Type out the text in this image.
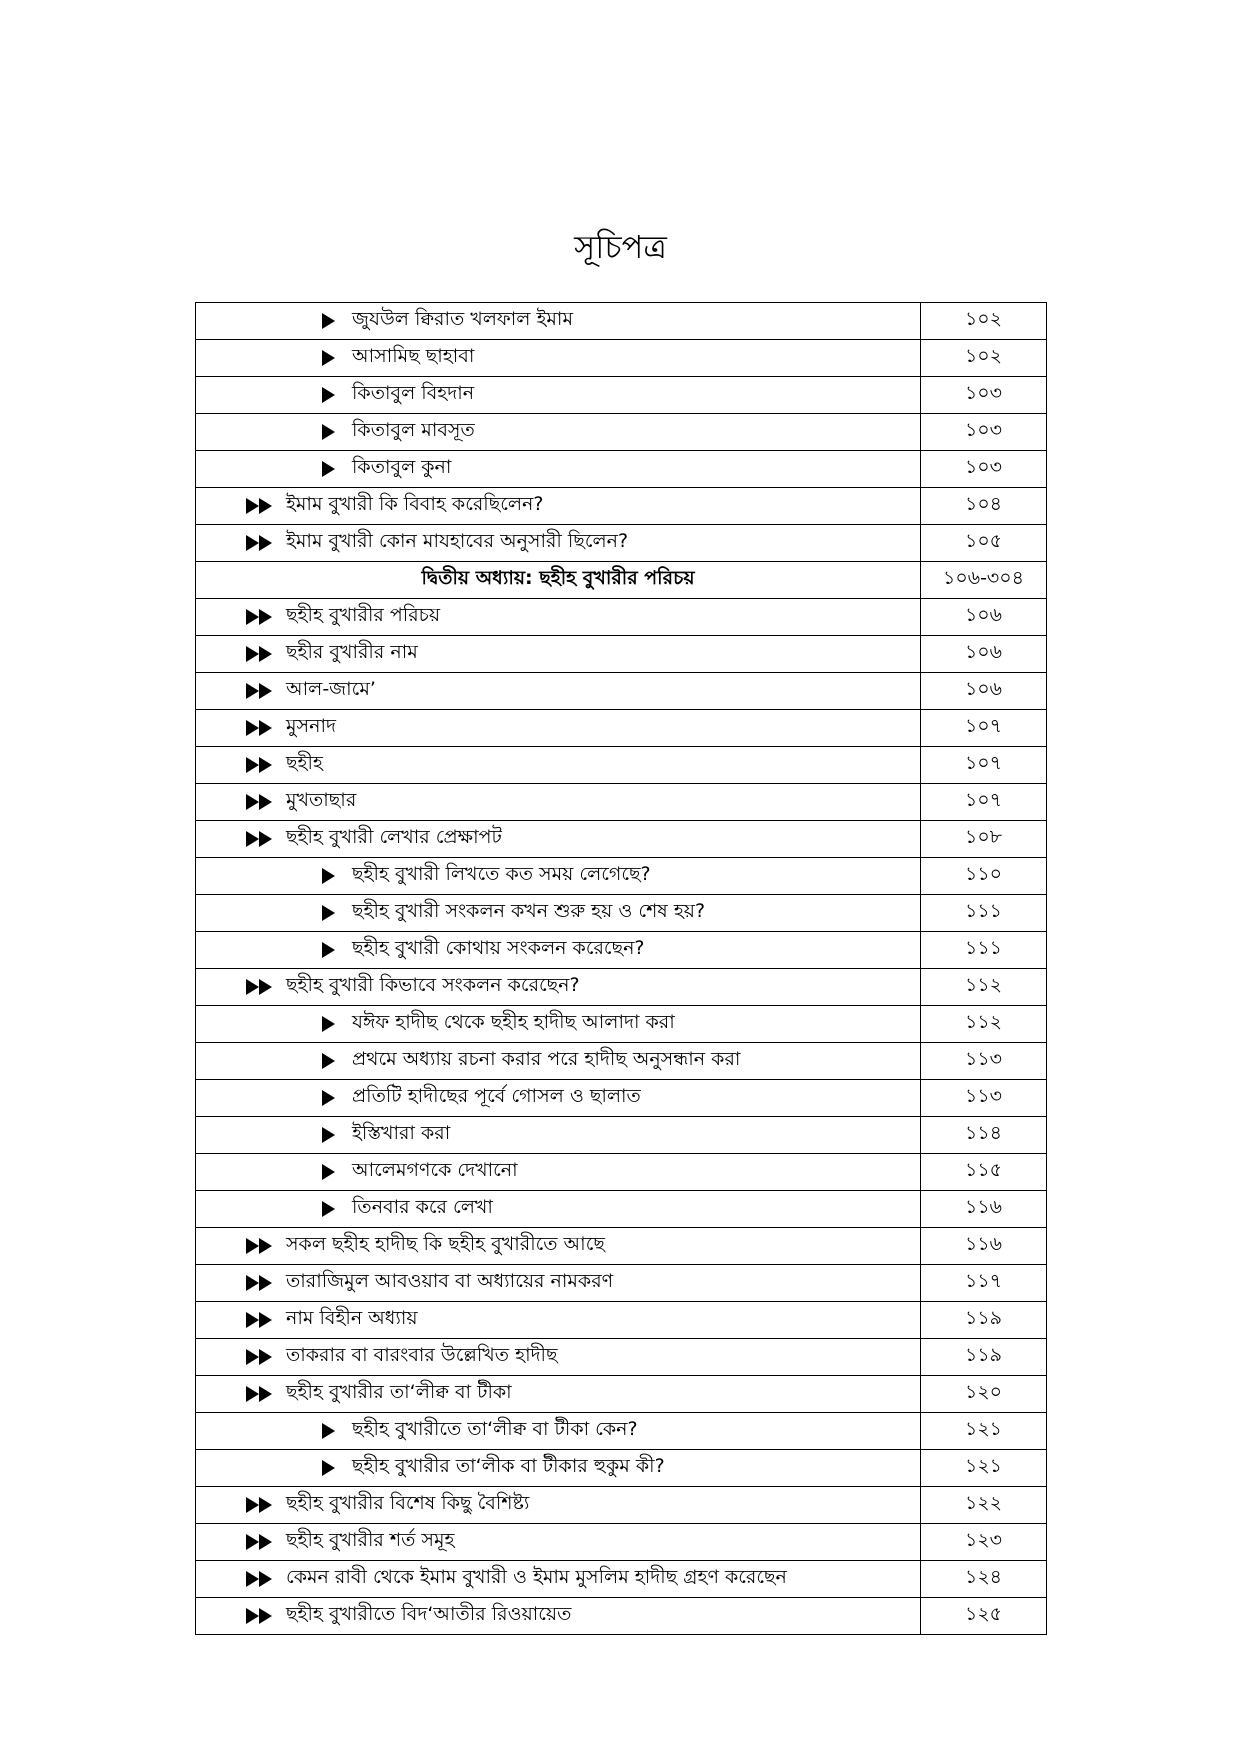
সূচিপত্র
জুযউল ক্বিরাত খলফাল ইমাম	১০২

আসামিছ ছাহাবা	১০২

কিতাবুল বিহদান	১০৩

কিতাবুল মাবসূত	১০৩

কিতাবুল কুনা	১০৩

ইমাম বুখারী কি বিবাহ করেছিলেন?	১০৪

ইমাম বুখারী কোন মাযহাবের অনুসারী ছিলেন?	১০৫

দ্বিতীয় অধ্যায়: ছহীহ বুখারীর পরিচয়	১০৬-৩০৪

ছহীহ বুখারীর পরিচয়	১০৬

ছহীর বুখারীর নাম	১০৬

আল-জামে’	১০৬

মুসনাদ	১০৭

ছহীহ	১০৭

মুখতাছার	১০৭

ছহীহ বুখারী লেখার প্রেক্ষাপট	১০৮

ছহীহ বুখারী লিখতে কত সময় লেগেছে?	১১০

ছহীহ বুখারী সংকলন কখন শুরু হয় ও শেষ হয়?	১১১

ছহীহ বুখারী কোথায় সংকলন করেছেন?	১১১

ছহীহ বুখারী কিভাবে সংকলন করেছেন?	১১২

যঈফ হাদীছ থেকে ছহীহ হাদীছ আলাদা করা	১১২

প্রথমে অধ্যায় রচনা করার পরে হাদীছ অনুসন্ধান করা	১১৩

প্রতিটি হাদীছের পূর্বে গোসল ও ছালাত	১১৩

ইস্তিখারা করা	১১৪

আলেমগণকে দেখানো	১১৫

তিনবার করে লেখা	১১৬

সকল ছহীহ হাদীছ কি ছহীহ বুখারীতে আছে	১১৬

তারাজিমুল আবওয়াব বা অধ্যায়ের নামকরণ	১১৭

নাম বিহীন অধ্যায়	১১৯

তাকরার বা বারংবার উল্লেখিত হাদীছ	১১৯

ছহীহ বুখারীর তা‘লীক্ব বা টীকা	১২০

ছহীহ বুখারীতে তা‘লীক্ব বা টীকা কেন?	১২১

ছহীহ বুখারীর তা‘লীক বা টীকার হুকুম কী?	১২১

ছহীহ বুখারীর বিশেষ কিছু বৈশিষ্ট্য	১২২

ছহীহ বুখারীর শর্ত সমূহ	১২৩

কেমন রাবী থেকে ইমাম বুখারী ও ইমাম মুসলিম হাদীছ গ্রহণ করেছেন	১২৪

ছহীহ বুখারীতে বিদ‘আতীর রিওয়ায়েত	১২৫
